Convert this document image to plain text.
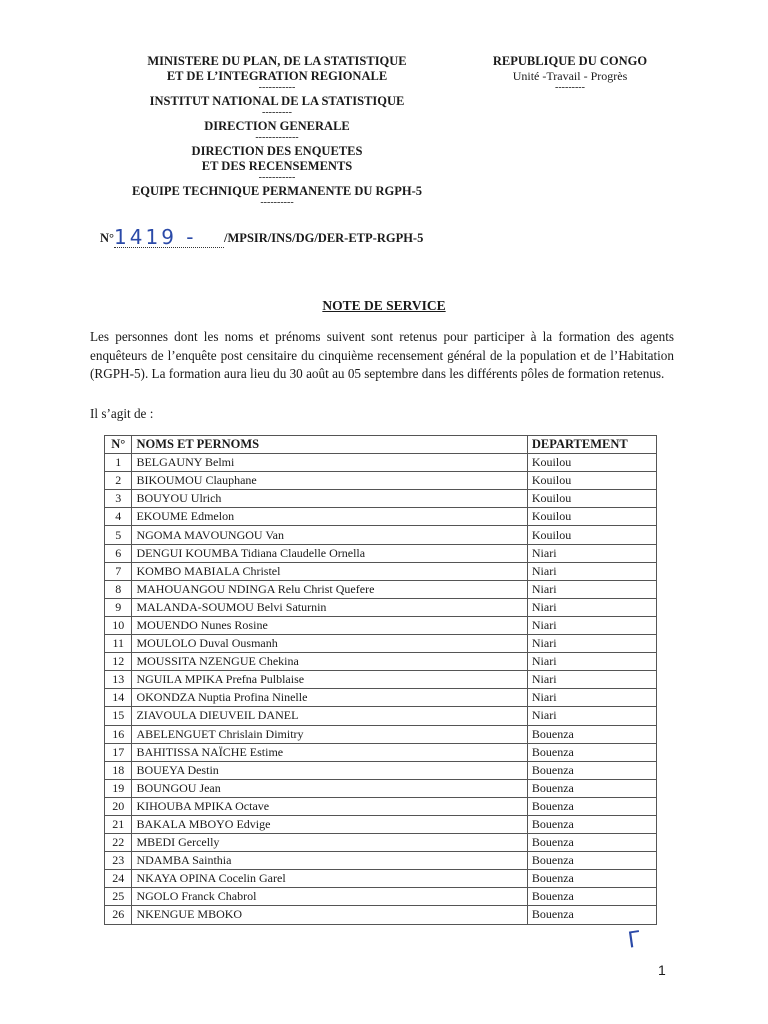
MINISTERE DU PLAN, DE LA STATISTIQUE
ET DE L’INTEGRATION REGIONALE
-----------
INSTITUT NATIONAL DE LA STATISTIQUE
---------
DIRECTION GENERALE
-------------
DIRECTION DES ENQUETES
ET DES RECENSEMENTS
-----------
EQUIPE TECHNIQUE PERMANENTE DU RGPH-5
----------
REPUBLIQUE DU CONGO
Unité -Travail - Progrès
---------
N°1419 - /MPSIR/INS/DG/DER-ETP-RGPH-5
NOTE DE SERVICE
Les personnes dont les noms et prénoms suivent sont retenus pour participer à la formation des agents enquêteurs de l’enquête post censitaire du cinquième recensement général de la population et de l’Habitation (RGPH-5). La formation aura lieu du 30 août au 05 septembre dans les différents pôles de formation retenus.
Il s’agit de :
N°	NOMS ET PERNOMS	DEPARTEMENT
1	BELGAUNY Belmi	Kouilou
2	BIKOUMOU Clauphane	Kouilou
3	BOUYOU Ulrich	Kouilou
4	EKOUME Edmelon	Kouilou
5	NGOMA MAVOUNGOU Van	Kouilou
6	DENGUI KOUMBA Tidiana Claudelle Ornella	Niari
7	KOMBO MABIALA Christel	Niari
8	MAHOUANGOU NDINGA Relu Christ Quefere	Niari
9	MALANDA-SOUMOU Belvi Saturnin	Niari
10	MOUENDO Nunes Rosine	Niari
11	MOULOLO Duval Ousmanh	Niari
12	MOUSSITA NZENGUE Chekina	Niari
13	NGUILA MPIKA Prefna Pulblaise	Niari
14	OKONDZA Nuptia Profina Ninelle	Niari
15	ZIAVOULA DIEUVEIL DANEL	Niari
16	ABELENGUET Chrislain Dimitry	Bouenza
17	BAHITISSA NAÏCHE Estime	Bouenza
18	BOUEYA Destin	Bouenza
19	BOUNGOU Jean	Bouenza
20	KIHOUBA MPIKA Octave	Bouenza
21	BAKALA MBOYO Edvige	Bouenza
22	MBEDI Gercelly	Bouenza
23	NDAMBA Sainthia	Bouenza
24	NKAYA OPINA Cocelin Garel	Bouenza
25	NGOLO Franck Chabrol	Bouenza
26	NKENGUE MBOKO	Bouenza
ᒥ
1
